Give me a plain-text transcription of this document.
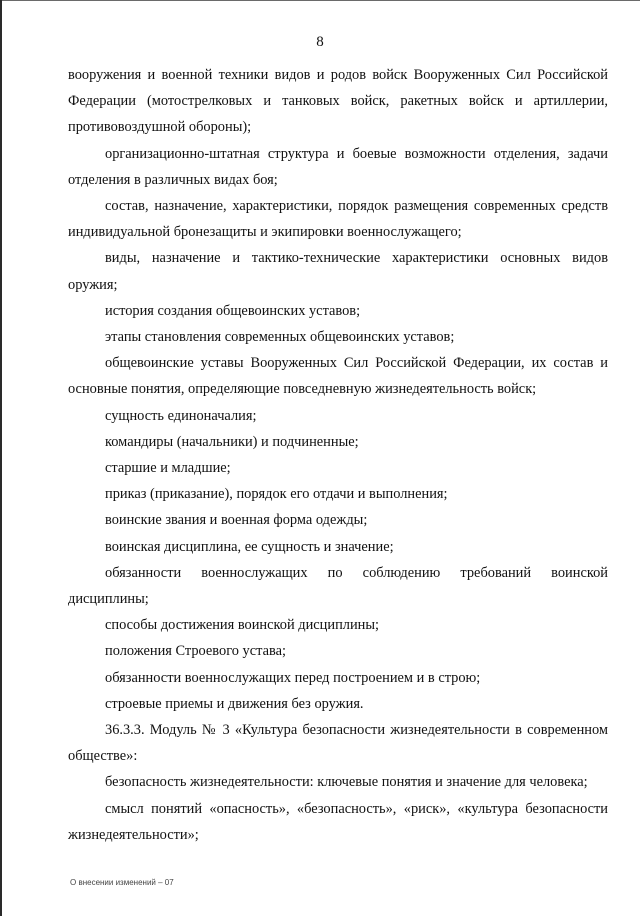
8

вооружения и военной техники видов и родов войск Вооруженных Сил Российской Федерации (мотострелковых и танковых войск, ракетных войск и артиллерии, противовоздушной обороны);

организационно-штатная структура и боевые возможности отделения, задачи отделения в различных видах боя;

состав, назначение, характеристики, порядок размещения современных средств индивидуальной бронезащиты и экипировки военнослужащего;

виды, назначение и тактико-технические характеристики основных видов оружия;

история создания общевоинских уставов;

этапы становления современных общевоинских уставов;

общевоинские уставы Вооруженных Сил Российской Федерации, их состав и основные понятия, определяющие повседневную жизнедеятельность войск;

сущность единоначалия;

командиры (начальники) и подчиненные;

старшие и младшие;

приказ (приказание), порядок его отдачи и выполнения;

воинские звания и военная форма одежды;

воинская дисциплина, ее сущность и значение;

обязанности военнослужащих по соблюдению требований воинской дисциплины;

способы достижения воинской дисциплины;

положения Строевого устава;

обязанности военнослужащих перед построением и в строю;

строевые приемы и движения без оружия.

36.3.3. Модуль № 3 «Культура безопасности жизнедеятельности в современном обществе»:

безопасность жизнедеятельности: ключевые понятия и значение для человека;

смысл понятий «опасность», «безопасность», «риск», «культура безопасности жизнедеятельности»;

О внесении изменений – 07
